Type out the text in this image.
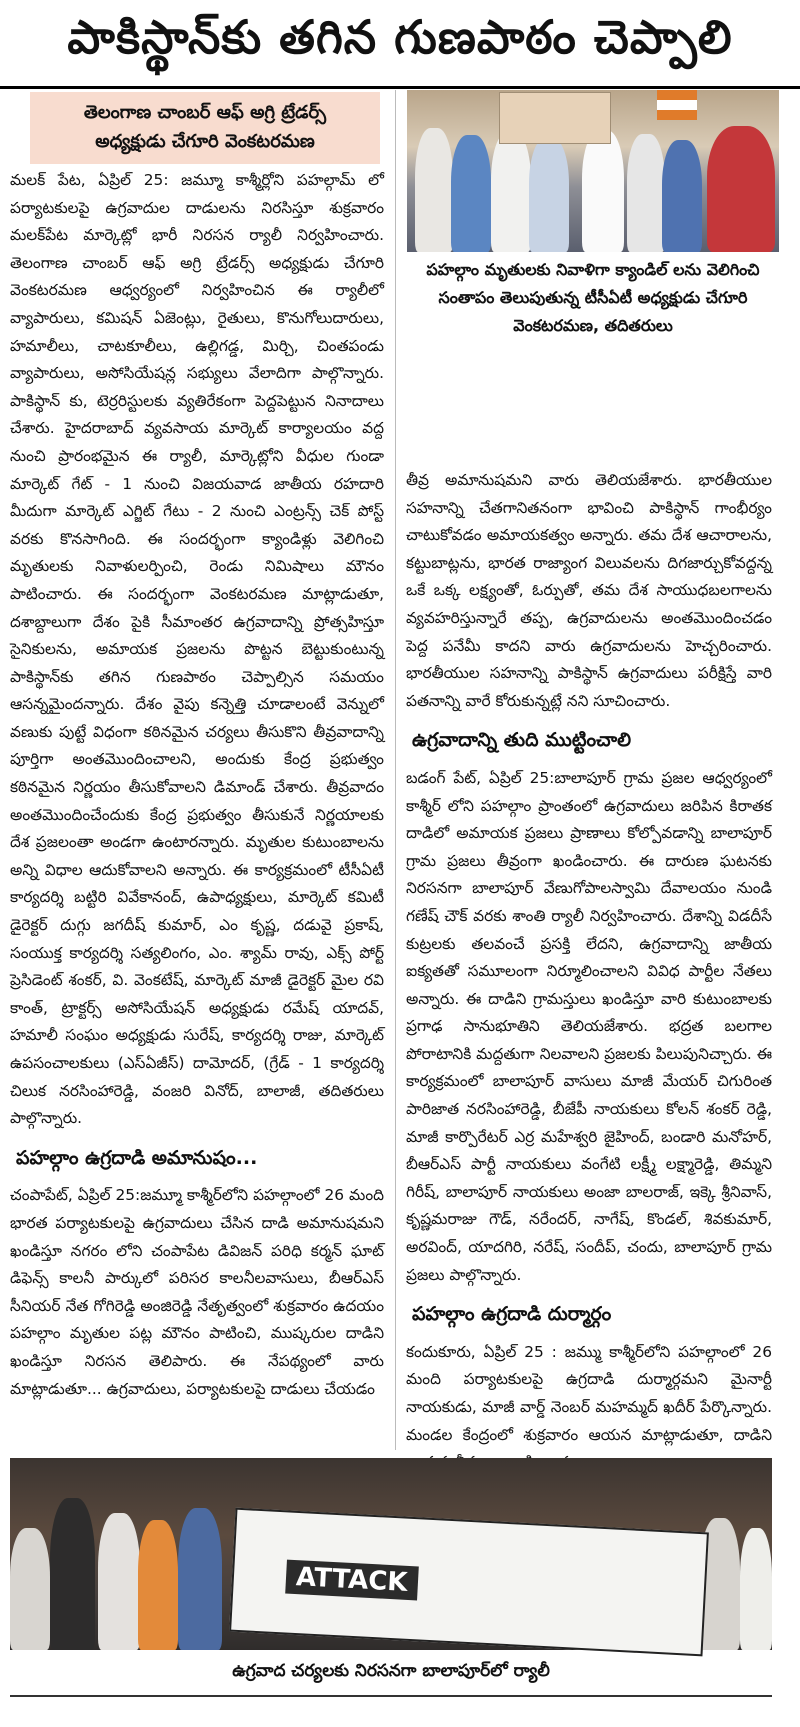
పాకిస్థాన్‌కు తగిన గుణపాఠం చెప్పాలి
తెలంగాణ చాంబర్ ఆఫ్ అగ్రి ట్రేడర్స్
అధ్యక్షుడు చేగూరి వెంకటరమణ

మలక్ పేట, ఏప్రిల్ 25: జమ్మూ కాశ్మీర్లోని పహల్గామ్ లో పర్యాటకులపై ఉగ్రవాదుల దాడులను నిరసిస్తూ శుక్రవారం మలక్‌పేట మార్కెట్లో భారీ నిరసన ర్యాలీ నిర్వహించారు. తెలంగాణ చాంబర్ ఆఫ్ అగ్రి ట్రేడర్స్ అధ్యక్షుడు చేగూరి వెంకటరమణ ఆధ్వర్యంలో నిర్వహించిన ఈ ర్యాలీలో వ్యాపారులు, కమిషన్ ఏజెంట్లు, రైతులు, కొనుగోలుదారులు, హమాలీలు, చాటకూలీలు, ఉల్లిగడ్డ, మిర్చి, చింతపండు వ్యాపారులు, అసోసియేషన్ల సభ్యులు వేలాదిగా పాల్గొన్నారు. పాకిస్థాన్ కు, టెర్రరిస్టులకు వ్యతిరేకంగా పెద్దపెట్టున నినాదాలు చేశారు. హైదరాబాద్ వ్యవసాయ మార్కెట్ కార్యాలయం వద్ద నుంచి ప్రారంభమైన ఈ ర్యాలీ, మార్కెట్లోని వీధుల గుండా మార్కెట్ గేట్ - 1 నుంచి విజయవాడ జాతీయ రహదారి మీదుగా మార్కెట్ ఎగ్జిట్ గేటు - 2 నుంచి ఎంట్రన్స్ చెక్ పోస్ట్ వరకు కొనసాగింది. ఈ సందర్భంగా క్యాండిళ్లు వెలిగించి మృతులకు నివాళులర్పించి, రెండు నిమిషాలు మౌనం పాటించారు. ఈ సందర్భంగా వెంకటరమణ మాట్లాడుతూ, దశాబ్దాలుగా దేశం పైకి సీమాంతర ఉగ్రవాదాన్ని ప్రోత్సహిస్తూ సైనికులను, అమాయక ప్రజలను పొట్టన బెట్టుకుంటున్న పాకిస్థాన్‌కు తగిన గుణపాఠం చెప్పాల్సిన సమయం ఆసన్నమైందన్నారు. దేశం వైపు కన్నెత్తి చూడాలంటే వెన్నులో వణుకు పుట్టే విధంగా కఠినమైన చర్యలు తీసుకొని తీవ్రవాదాన్ని పూర్తిగా అంతమొందించాలని, అందుకు కేంద్ర ప్రభుత్వం కఠినమైన నిర్ణయం తీసుకోవాలని డిమాండ్ చేశారు. తీవ్రవాదం అంతమొందించేందుకు కేంద్ర ప్రభుత్వం తీసుకునే నిర్ణయాలకు దేశ ప్రజలంతా అండగా ఉంటారన్నారు. మృతుల కుటుంబాలను అన్ని విధాల ఆదుకోవాలని అన్నారు. ఈ కార్యక్రమంలో టీసీఏటీ కార్యదర్శి బట్టిరి వివేకానంద్, ఉపాధ్యక్షులు, మార్కెట్ కమిటీ డైరెక్టర్ దుగ్గు జగదీష్ కుమార్, ఎం కృష్ణ, దడువై ప్రకాష్, సంయుక్త కార్యదర్శి సత్యలింగం, ఎం. శ్యామ్ రావు, ఎక్స్ పోర్ట్ ప్రెసిడెంట్ శంకర్, వి. వెంకటేష్, మార్కెట్ మాజీ డైరెక్టర్ మైల రవి కాంత్, ట్రాక్టర్స్ అసోసియేషన్ అధ్యక్షుడు రమేష్ యాదవ్, హమాలీ సంఘం అధ్యక్షుడు సురేష్, కార్యదర్శి రాజు, మార్కెట్ ఉపసంచాలకులు (ఎస్ఏజీస్) దామోదర్, (గ్రేడ్ - 1 కార్యదర్శి చిలుక నరసింహారెడ్డి, వంజరి వినోద్, బాలాజీ, తదితరులు పాల్గొన్నారు.

పహల్గాం ఉగ్రదాడి అమానుషం...

చంపాపేట్, ఏప్రిల్ 25:జమ్మూ కాశ్మీర్‌లోని పహల్గాంలో 26 మంది భారత పర్యాటకులపై ఉగ్రవాదులు చేసిన దాడి అమానుషమని ఖండిస్తూ నగరం లోని చంపాపేట డివిజన్ పరిధి కర్మన్ ఘాట్ డిఫెన్స్ కాలనీ పార్కులో పరిసర కాలనీలవాసులు, బీఆర్ఎస్ సీనియర్ నేత గోగిరెడ్డి అంజిరెడ్డి నేతృత్వంలో శుక్రవారం ఉదయం పహల్గాం మృతుల పట్ల మౌనం పాటించి, ముష్కరుల దాడిని ఖండిస్తూ నిరసన తెలిపారు. ఈ నేపథ్యంలో వారు మాట్లాడుతూ... ఉగ్రవాదులు, పర్యాటకులపై దాడులు చేయడం

పహల్గాం మృతులకు నివాళిగా క్యాండిల్ లను వెలిగించి సంతాపం తెలుపుతున్న టీసీఏటీ అధ్యక్షుడు చేగూరి వెంకటరమణ, తదితరులు

తీవ్ర అమానుషమని వారు తెలియజేశారు. భారతీయుల సహనాన్ని చేతగానితనంగా భావించి పాకిస్థాన్ గాంభీర్యం చాటుకోవడం అమాయకత్వం అన్నారు. తమ దేశ ఆచారాలను, కట్టుబాట్లను, భారత రాజ్యాంగ విలువలను దిగజార్చుకోవద్దన్న ఒకే ఒక్క లక్ష్యంతో, ఓర్పుతో, తమ దేశ సాయుధబలగాలను వ్యవహరిస్తున్నారే తప్ప, ఉగ్రవాదులను అంతమొందించడం పెద్ద పనేమీ కాదని వారు ఉగ్రవాదులను హెచ్చరించారు. భారతీయుల సహనాన్ని పాకిస్థాన్ ఉగ్రవాదులు పరీక్షిస్తే వారి పతనాన్ని వారే కోరుకున్నట్లే నని సూచించారు.

ఉగ్రవాదాన్ని తుది ముట్టించాలి

బడంగ్ పేట్, ఏప్రిల్ 25:బాలాపూర్ గ్రామ ప్రజల ఆధ్వర్యంలో కాశ్మీర్ లోని పహల్గాం ప్రాంతంలో ఉగ్రవాదులు జరిపిన కిరాతక దాడిలో అమాయక ప్రజలు ప్రాణాలు కోల్పోవడాన్ని బాలాపూర్ గ్రామ ప్రజలు తీవ్రంగా ఖండించారు. ఈ దారుణ ఘటనకు నిరసనగా బాలాపూర్ వేణుగోపాలస్వామి దేవాలయం నుండి గణేష్ చౌక్ వరకు శాంతి ర్యాలీ నిర్వహించారు. దేశాన్ని విడదీసే కుట్రలకు తలవంచే ప్రసక్తి లేదని, ఉగ్రవాదాన్ని జాతీయ ఐక్యతతో సమూలంగా నిర్మూలించాలని వివిధ పార్టీల నేతలు అన్నారు. ఈ దాడిని గ్రామస్తులు ఖండిస్తూ వారి కుటుంబాలకు ప్రగాఢ సానుభూతిని తెలియజేశారు. భద్రత బలగాల పోరాటానికి మద్దతుగా నిలవాలని ప్రజలకు పిలుపునిచ్చారు. ఈ కార్యక్రమంలో బాలాపూర్ వాసులు మాజీ మేయర్ చిగురింత పారిజాత నరసింహారెడ్డి, బీజేపీ నాయకులు కోలన్ శంకర్ రెడ్డి, మాజీ కార్పొరేటర్ ఎర్ర మహేశ్వరి జైహింద్, బండారి మనోహర్, బీఆర్ఎస్ పార్టీ నాయకులు వంగేటి లక్ష్మీ లక్ష్మారెడ్డి, తిమ్మని గిరీష్, బాలాపూర్ నాయకులు అంజా బాలరాజ్, ఇక్కె శ్రీనివాస్, కృష్ణమరాజు గౌడ్, నరేందర్, నాగేష్, కొండల్, శివకుమార్, అరవింద్, యాదగిరి, నరేష్, సందీప్, చందు, బాలాపూర్ గ్రామ ప్రజలు పాల్గొన్నారు.

పహల్గాం ఉగ్రదాడి దుర్మార్గం

కందుకూరు, ఏప్రిల్ 25 : జమ్ము కాశ్మీర్‌లోని పహల్గాంలో 26 మంది పర్యాటకులపై ఉగ్రదాడి దుర్మార్గమని మైనార్టీ నాయకుడు, మాజీ వార్డ్ నెంబర్ మహమ్మద్ ఖదీర్ పేర్కొన్నారు. మండల కేంద్రంలో శుక్రవారం ఆయన మాట్లాడుతూ, దాడిని

ATTACK
ఉగ్రవాద చర్యలకు నిరసనగా బాలాపూర్‌లో ర్యాలీ
